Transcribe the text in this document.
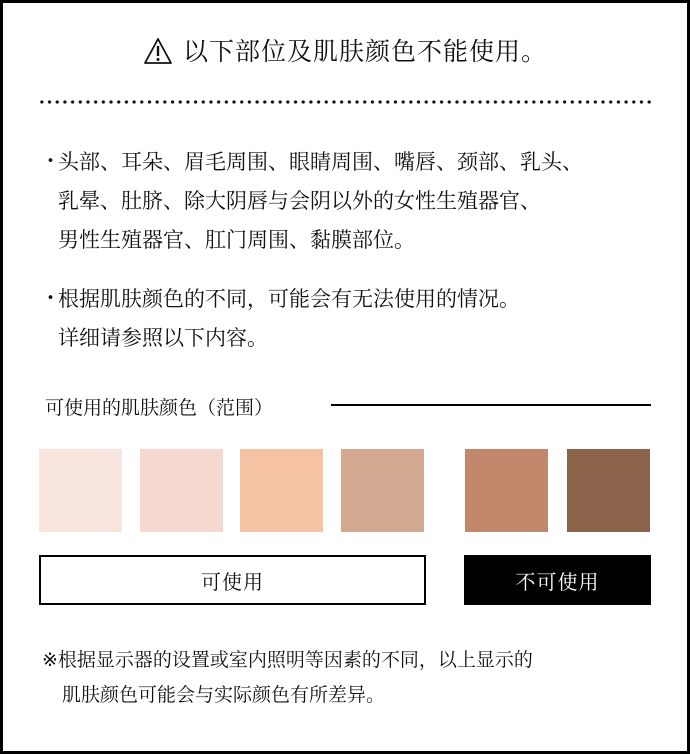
以下部位及肌肤颜色不能使用。
・
头部、耳朵、眉毛周围、眼睛周围、嘴唇、颈部、乳头、
乳晕、肚脐、除大阴唇与会阴以外的女性生殖器官、
男性生殖器官、肛门周围、黏膜部位。
・
根据肌肤颜色的不同，可能会有无法使用的情况。
详细请参照以下内容。
可使用的肌肤颜色（范围）
可使用	不可使用
※根据显示器的设置或室内照明等因素的不同，以上显示的
肌肤颜色可能会与实际颜色有所差异。
